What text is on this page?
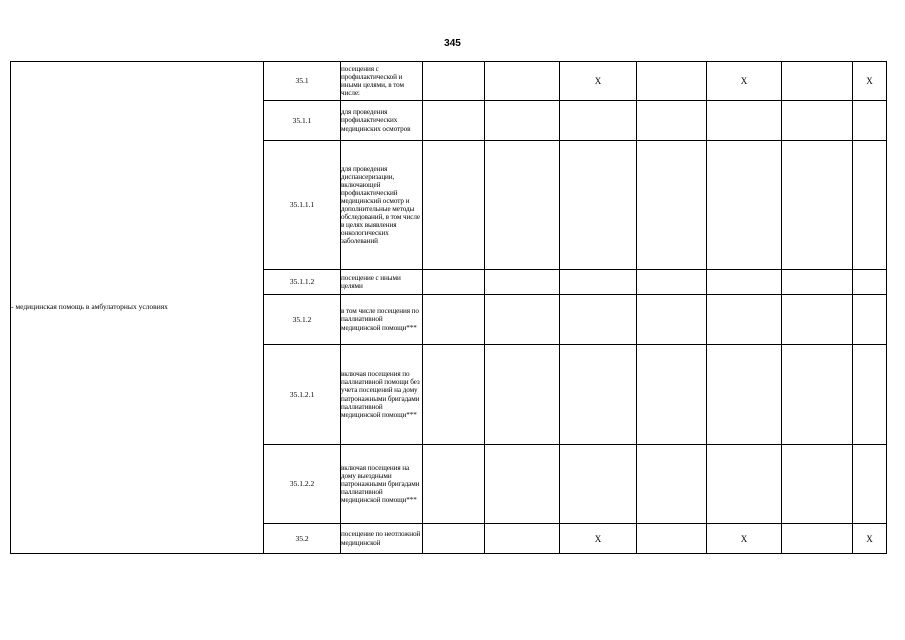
345
- медицинская помощь в амбулаторных условиях	35.1	посещения с профилактической и иными целями, в том числе:			Х		Х		Х

	35.1.1	для проведения профилактических медицинских осмотров							

	35.1.1.1	для проведения диспансеризации, включающей профилактический медицинский осмотр и дополнительные методы обследований, в том числе в целях выявления онкологических заболеваний							

	35.1.1.2	посещение с иными целями							

	35.1.2	в том числе посещения по паллиативной медицинской помощи***							

	35.1.2.1	включая посещения по паллиативной помощи без учета посещений на дому патронажными бригадами паллиативной медицинской помощи***							

	35.1.2.2	включая посещения на дому выездными патронажными бригадами паллиативной медицинской помощи***							

	35.2	посещение по неотложной медицинской			Х		Х		Х
